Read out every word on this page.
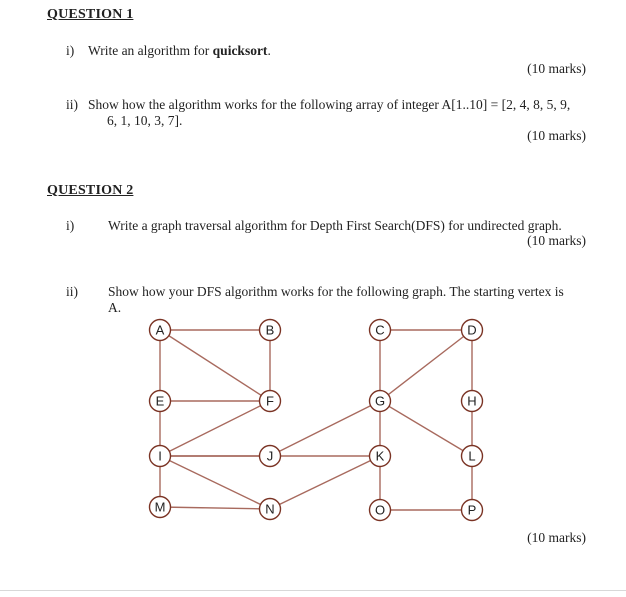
QUESTION 1
i) Write an algorithm for quicksort.
(10 marks)
ii) Show how the algorithm works for the following array of integer A[1..10] = [2, 4, 8, 5, 9,
6, 1, 10, 3, 7].
(10 marks)
QUESTION 2
i)	Write a graph traversal algorithm for Depth First Search(DFS) for undirected graph.
(10 marks)
ii) Show how your DFS algorithm works for the following graph. The starting vertex is
A.
A	B	C	D
E	F	G	H
I	J	K	L
M	N	O	P
(10 marks)
